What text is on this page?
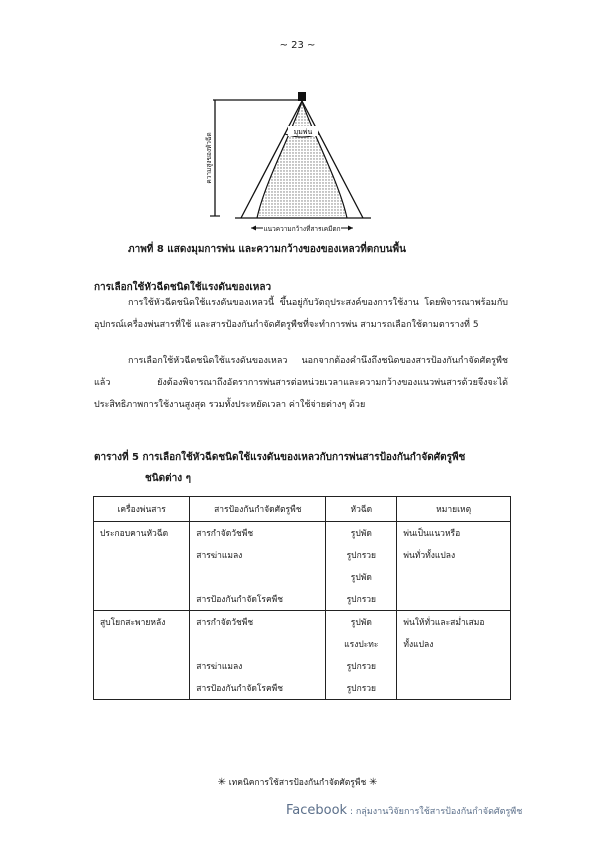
~ 23 ~
มุมพ่น
ความสูงของหัวฉีด
แนวความกว้างที่สารเคมีตก
ภาพที่ 8 แสดงมุมการพ่น และความกว้างของของเหลวที่ตกบนพื้น
การเลือกใช้หัวฉีดชนิดใช้แรงดันของเหลว
การใช้หัวฉีดชนิดใช้แรงดันของเหลวนี้ ขึ้นอยู่กับวัตถุประสงค์ของการใช้งาน โดยพิจารณาพร้อมกับอุปกรณ์เครื่องพ่นสารที่ใช้ และสารป้องกันกำจัดศัตรูพืชที่จะทำการพ่น สามารถเลือกใช้ตามตารางที่ 5
การเลือกใช้หัวฉีดชนิดใช้แรงดันของเหลว นอกจากต้องคำนึงถึงชนิดของสารป้องกันกำจัดศัตรูพืชแล้ว ยังต้องพิจารณาถึงอัตราการพ่นสารต่อหน่วยเวลาและความกว้างของแนวพ่นสารด้วยจึงจะได้ประสิทธิภาพการใช้งานสูงสุด รวมทั้งประหยัดเวลา ค่าใช้จ่ายต่างๆ ด้วย
ตารางที่ 5 การเลือกใช้หัวฉีดชนิดใช้แรงดันของเหลวกับการพ่นสารป้องกันกำจัดศัตรูพืช
ชนิดต่าง ๆ
เครื่องพ่นสาร	สารป้องกันกำจัดศัตรูพืช	หัวฉีด	หมายเหตุ
ประกอบคานหัวฉีด	สารกำจัดวัชพืช	รูปพัด	พ่นเป็นแนวหรือ
	สารฆ่าแมลง	รูปกรวย	พ่นทั่วทั้งแปลง
		รูปพัด	
	สารป้องกันกำจัดโรคพืช	รูปกรวย	
สูบโยกสะพายหลัง	สารกำจัดวัชพืช	รูปพัด	พ่นให้ทั่วและสม่ำเสมอ
		แรงปะทะ	ทั้งแปลง
	สารฆ่าแมลง	รูปกรวย	
	สารป้องกันกำจัดโรคพืช	รูปกรวย	
✳ เทคนิคการใช้สารป้องกันกำจัดศัตรูพืช ✳
Facebook : กลุ่มงานวิจัยการใช้สารป้องกันกำจัดศัตรูพืช
